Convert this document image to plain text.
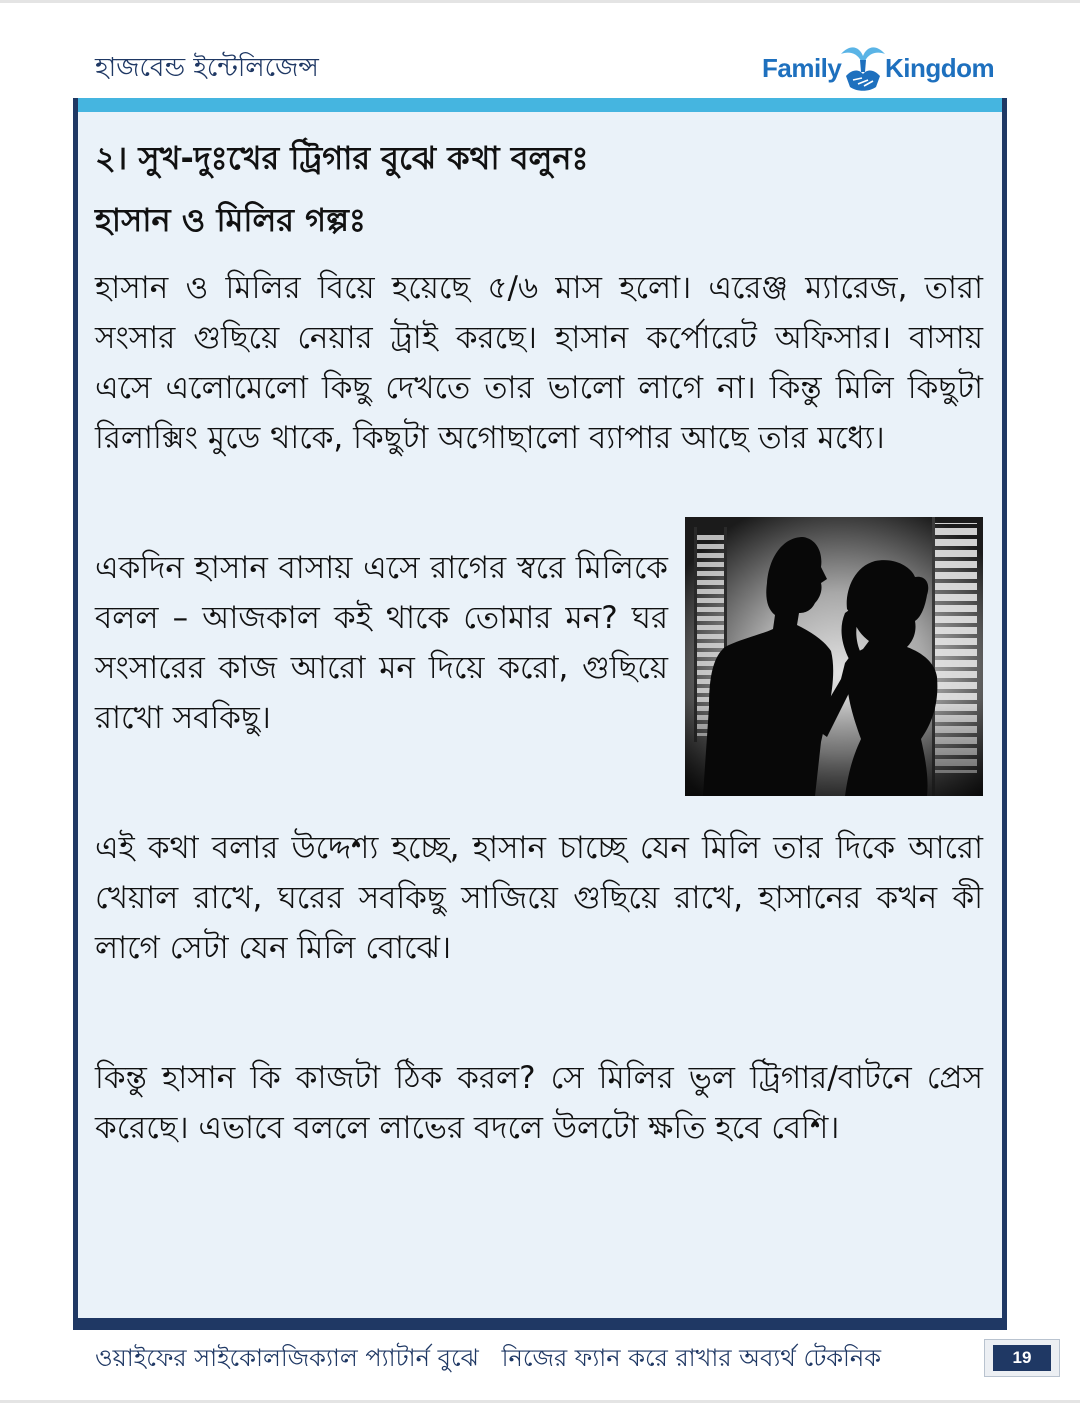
হাজবেন্ড ইন্টেলিজেন্স	Family Kingdom
২। সুখ-দুঃখের ট্রিগার বুঝে কথা বলুনঃ
হাসান ও মিলির গল্পঃ

হাসান ও মিলির বিয়ে হয়েছে ৫/৬ মাস হলো। এরেঞ্জ ম্যারেজ, তারা সংসার গুছিয়ে নেয়ার ট্রাই করছে। হাসান কর্পোরেট অফিসার। বাসায় এসে এলোমেলো কিছু দেখতে তার ভালো লাগে না। কিন্তু মিলি কিছুটা রিলাক্সিং মুডে থাকে, কিছুটা অগোছালো ব্যাপার আছে তার মধ্যে।

একদিন হাসান বাসায় এসে রাগের স্বরে মিলিকে বলল – আজকাল কই থাকে তোমার মন? ঘর সংসারের কাজ আরো মন দিয়ে করো, গুছিয়ে রাখো সবকিছু।

এই কথা বলার উদ্দেশ্য হচ্ছে, হাসান চাচ্ছে যেন মিলি তার দিকে আরো খেয়াল রাখে, ঘরের সবকিছু সাজিয়ে গুছিয়ে রাখে, হাসানের কখন কী লাগে সেটা যেন মিলি বোঝে।

কিন্তু হাসান কি কাজটা ঠিক করল? সে মিলির ভুল ট্রিগার/বাটনে প্রেস করেছে। এভাবে বললে লাভের বদলে উলটো ক্ষতি হবে বেশি।

ওয়াইফের সাইকোলজিক্যাল প্যাটার্ন বুঝে   নিজের ফ্যান করে রাখার অব্যর্থ টেকনিক	19
